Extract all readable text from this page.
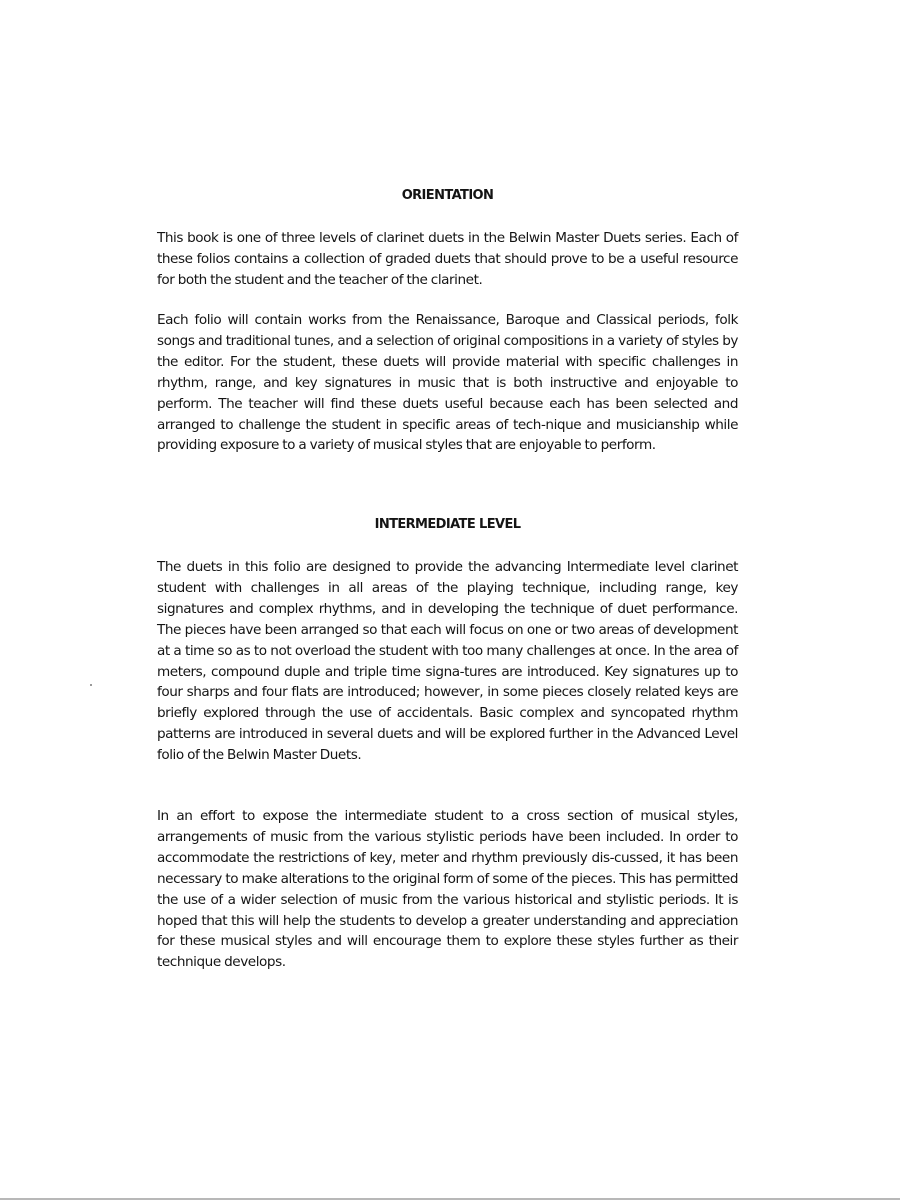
ORIENTATION

This book is one of three levels of clarinet duets in the Belwin Master Duets series. Each of these folios contains a collection of graded duets that should prove to be a useful resource for both the student and the teacher of the clarinet.

Each folio will contain works from the Renaissance, Baroque and Classical periods, folk songs and traditional tunes, and a selection of original compositions in a variety of styles by the editor. For the student, these duets will provide material with specific challenges in rhythm, range, and key signatures in music that is both instructive and enjoyable to perform. The teacher will find these duets useful because each has been selected and arranged to challenge the student in specific areas of tech-nique and musicianship while providing exposure to a variety of musical styles that are enjoyable to perform.

INTERMEDIATE LEVEL

The duets in this folio are designed to provide the advancing Intermediate level clarinet student with challenges in all areas of the playing technique, including range, key signatures and complex rhythms, and in developing the technique of duet performance. The pieces have been arranged so that each will focus on one or two areas of development at a time so as to not overload the student with too many challenges at once. In the area of meters, compound duple and triple time signa-tures are introduced. Key signatures up to four sharps and four flats are introduced; however, in some pieces closely related keys are briefly explored through the use of accidentals. Basic complex and syncopated rhythm patterns are introduced in several duets and will be explored further in the Advanced Level folio of the Belwin Master Duets.

In an effort to expose the intermediate student to a cross section of musical styles, arrangements of music from the various stylistic periods have been included. In order to accommodate the restrictions of key, meter and rhythm previously dis-cussed, it has been necessary to make alterations to the original form of some of the pieces. This has permitted the use of a wider selection of music from the various historical and stylistic periods. It is hoped that this will help the students to develop a greater understanding and appreciation for these musical styles and will encourage them to explore these styles further as their technique develops.
